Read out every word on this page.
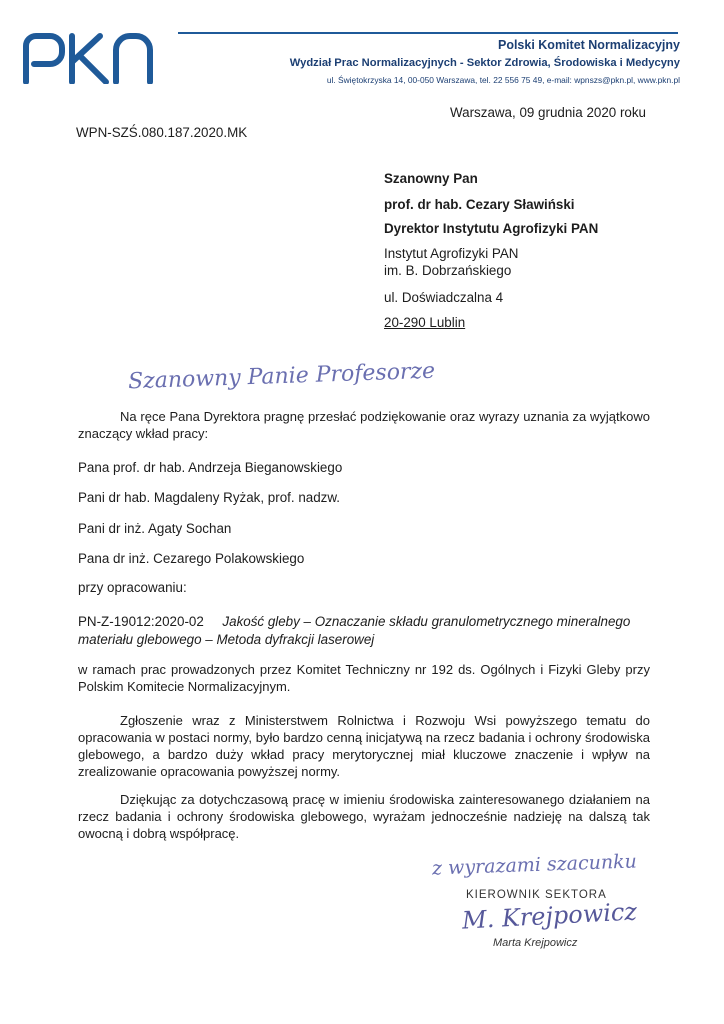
Polski Komitet Normalizacyjny
Wydział Prac Normalizacyjnych - Sektor Zdrowia, Środowiska i Medycyny
ul. Świętokrzyska 14, 00-050 Warszawa, tel. 22 556 75 49, e-mail: wpnszs@pkn.pl, www.pkn.pl
Warszawa, 09 grudnia 2020 roku
WPN-SZŚ.080.187.2020.MK
Szanowny Pan
prof. dr hab. Cezary Sławiński
Dyrektor Instytutu Agrofizyki PAN
Instytut Agrofizyki PAN
im. B. Dobrzańskiego
ul. Doświadczalna 4
20-290 Lublin
Szanowny Panie Profesorze
Na ręce Pana Dyrektora pragnę przesłać podziękowanie oraz wyrazy uznania za wyjątkowo znaczący wkład pracy:
Pana prof. dr hab. Andrzeja Bieganowskiego
Pani dr hab. Magdaleny Ryżak, prof. nadzw.
Pani dr inż. Agaty Sochan
Pana dr inż. Cezarego Polakowskiego
przy opracowaniu:
PN-Z-19012:2020-02 Jakość gleby – Oznaczanie składu granulometrycznego mineralnego materiału glebowego – Metoda dyfrakcji laserowej
w ramach prac prowadzonych przez Komitet Techniczny nr 192 ds. Ogólnych i Fizyki Gleby przy Polskim Komitecie Normalizacyjnym.
Zgłoszenie wraz z Ministerstwem Rolnictwa i Rozwoju Wsi powyższego tematu do opracowania w postaci normy, było bardzo cenną inicjatywą na rzecz badania i ochrony środowiska glebowego, a bardzo duży wkład pracy merytorycznej miał kluczowe znaczenie i wpływ na zrealizowanie opracowania powyższej normy.
Dziękując za dotychczasową pracę w imieniu środowiska zainteresowanego działaniem na rzecz badania i ochrony środowiska glebowego, wyrażam jednocześnie nadzieję na dalszą tak owocną i dobrą współpracę.
z wyrazami szacunku
KIEROWNIK SEKTORA
M. Krejpowicz
Marta Krejpowicz
